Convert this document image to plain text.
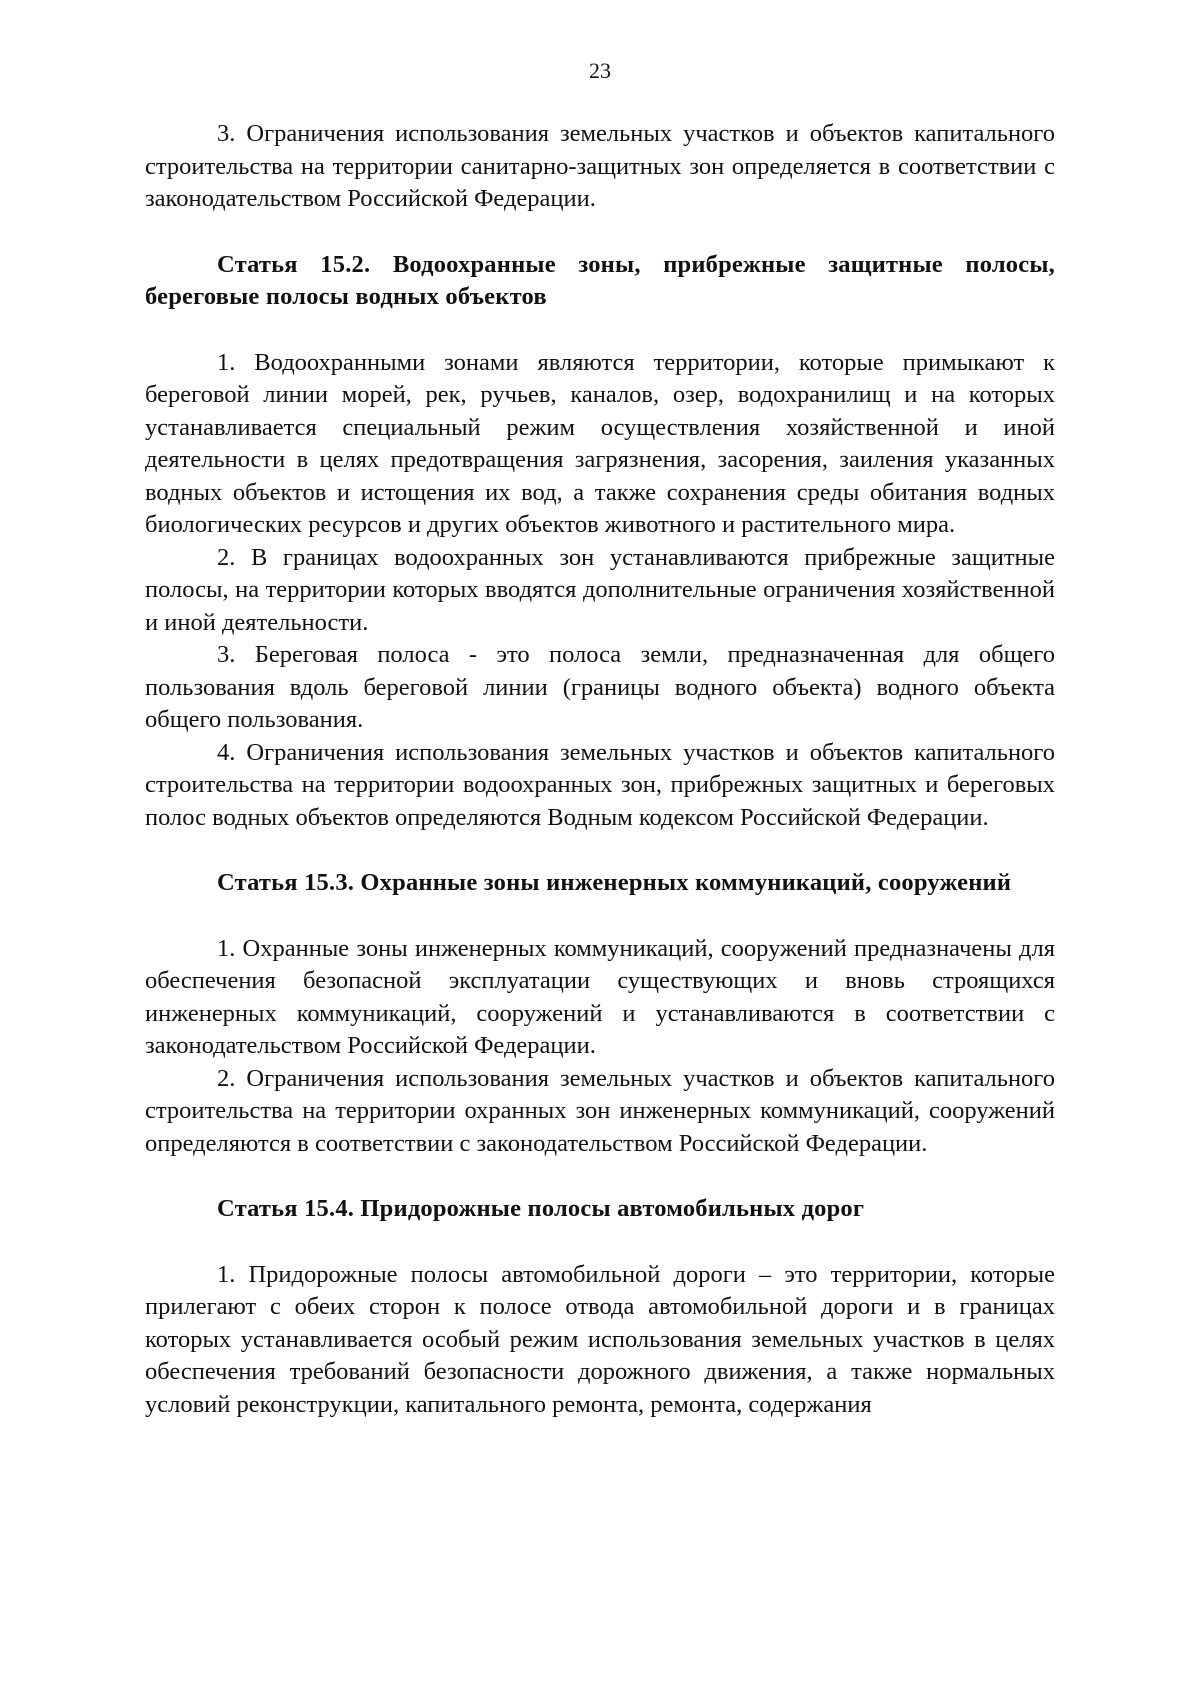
23

3. Ограничения использования земельных участков и объектов капитального строительства на территории санитарно-защитных зон определяется в соответствии с законодательством Российской Федерации.

Статья 15.2. Водоохранные зоны, прибрежные защитные полосы, береговые полосы водных объектов

1. Водоохранными зонами являются территории, которые примыкают к береговой линии морей, рек, ручьев, каналов, озер, водохранилищ и на которых устанавливается специальный режим осуществления хозяйственной и иной деятельности в целях предотвращения загрязнения, засорения, заиления указанных водных объектов и истощения их вод, а также сохранения среды обитания водных биологических ресурсов и других объектов животного и растительного мира.

2. В границах водоохранных зон устанавливаются прибрежные защитные полосы, на территории которых вводятся дополнительные ограничения хозяйственной и иной деятельности.

3. Береговая полоса - это полоса земли, предназначенная для общего пользования вдоль береговой линии (границы водного объекта) водного объекта общего пользования.

4. Ограничения использования земельных участков и объектов капитального строительства на территории водоохранных зон, прибрежных защитных и береговых полос водных объектов определяются Водным кодексом Российской Федерации.

Статья 15.3. Охранные зоны инженерных коммуникаций, сооружений

1. Охранные зоны инженерных коммуникаций, сооружений предназначены для обеспечения безопасной эксплуатации существующих и вновь строящихся инженерных коммуникаций, сооружений и устанавливаются в соответствии с законодательством Российской Федерации.

2. Ограничения использования земельных участков и объектов капитального строительства на территории охранных зон инженерных коммуникаций, сооружений определяются в соответствии с законодательством Российской Федерации.

Статья 15.4. Придорожные полосы автомобильных дорог

1. Придорожные полосы автомобильной дороги – это территории, которые прилегают с обеих сторон к полосе отвода автомобильной дороги и в границах которых устанавливается особый режим использования земельных участков в целях обеспечения требований безопасности дорожного движения, а также нормальных условий реконструкции, капитального ремонта, ремонта, содержания
